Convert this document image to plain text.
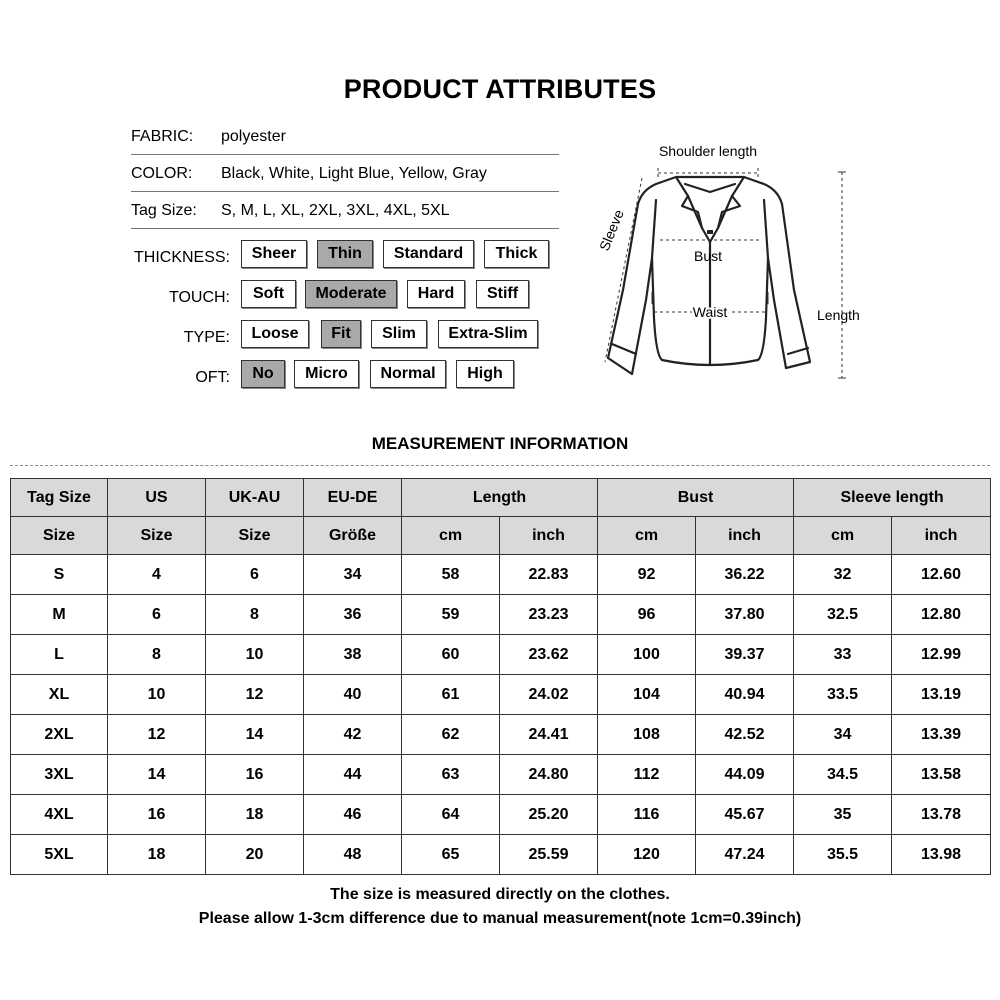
PRODUCT ATTRIBUTES
FABRIC: polyester
COLOR: Black, White, Light Blue, Yellow, Gray
Tag Size: S, M, L, XL, 2XL, 3XL, 4XL, 5XL
THICKNESS:	Sheer	Thin	Standard	Thick
TOUCH:	Soft	Moderate	Hard	Stiff
TYPE:	Loose	Fit	Slim	Extra-Slim
OFT:	No	Micro	Normal	High
Shoulder length
Sleeve
Bust
Waist	Length
MEASUREMENT INFORMATION
Tag Size	US	UK-AU	EU-DE	Length		Bust		Sleeve length	
Size	Size	Size	Größe	cm	inch	cm	inch	cm	inch
S	4	6	34	58	22.83	92	36.22	32	12.60
M	6	8	36	59	23.23	96	37.80	32.5	12.80
L	8	10	38	60	23.62	100	39.37	33	12.99
XL	10	12	40	61	24.02	104	40.94	33.5	13.19
2XL	12	14	42	62	24.41	108	42.52	34	13.39
3XL	14	16	44	63	24.80	112	44.09	34.5	13.58
4XL	16	18	46	64	25.20	116	45.67	35	13.78
5XL	18	20	48	65	25.59	120	47.24	35.5	13.98
The size is measured directly on the clothes.
Please allow 1-3cm difference due to manual measurement(note 1cm=0.39inch)
